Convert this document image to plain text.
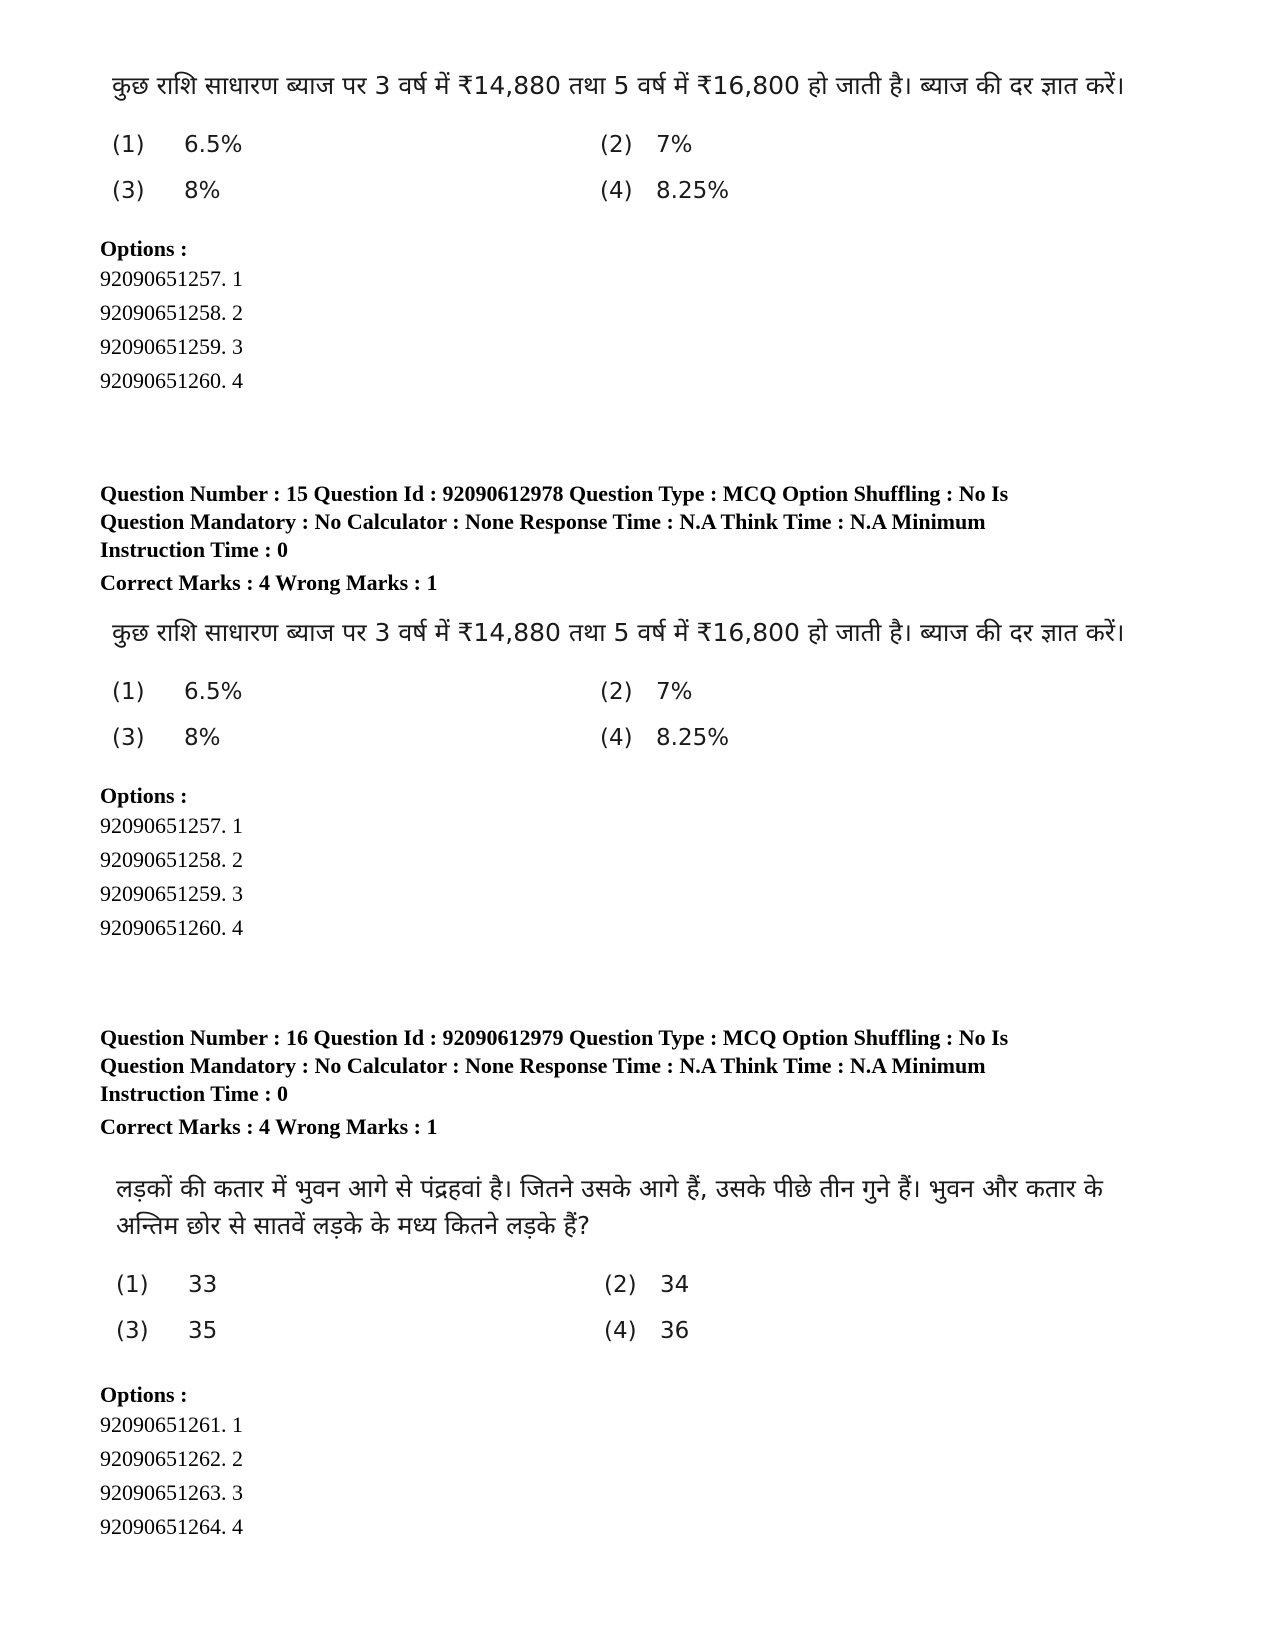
कुछ राशि साधारण ब्याज पर 3 वर्ष में ₹14,880 तथा 5 वर्ष में ₹16,800 हो जाती है। ब्याज की दर ज्ञात करें।

(1)	6.5%	(2)	7%
(3)	8%	(4)	8.25%
Options :
92090651257. 1
92090651258. 2
92090651259. 3
92090651260. 4
Question Number : 15 Question Id : 92090612978 Question Type : MCQ Option Shuffling : No Is
Question Mandatory : No Calculator : None Response Time : N.A Think Time : N.A Minimum
Instruction Time : 0
Correct Marks : 4 Wrong Marks : 1

कुछ राशि साधारण ब्याज पर 3 वर्ष में ₹14,880 तथा 5 वर्ष में ₹16,800 हो जाती है। ब्याज की दर ज्ञात करें।

(1)	6.5%	(2)	7%
(3)	8%	(4)	8.25%
Options :
92090651257. 1
92090651258. 2
92090651259. 3
92090651260. 4
Question Number : 16 Question Id : 92090612979 Question Type : MCQ Option Shuffling : No Is
Question Mandatory : No Calculator : None Response Time : N.A Think Time : N.A Minimum
Instruction Time : 0
Correct Marks : 4 Wrong Marks : 1

लड़कों की कतार में भुवन आगे से पंद्रहवां है। जितने उसके आगे हैं, उसके पीछे तीन गुने हैं। भुवन और कतार के अन्तिम छोर से सातवें लड़के के मध्य कितने लड़के हैं?

(1)	33	(2)	34
(3)	35	(4)	36
Options :
92090651261. 1
92090651262. 2
92090651263. 3
92090651264. 4
